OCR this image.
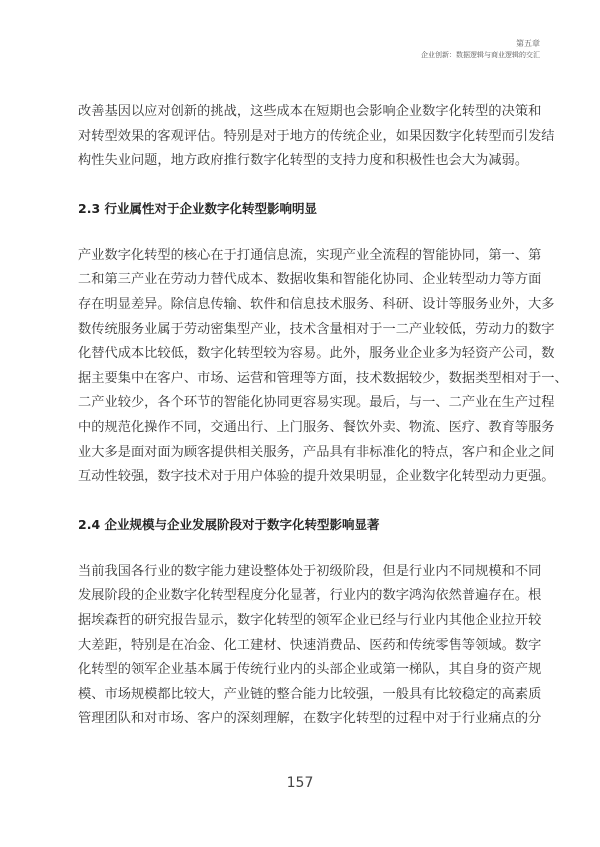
第五章
企业创新：数据逻辑与商业逻辑的交汇
改善基因以应对创新的挑战，这些成本在短期也会影响企业数字化转型的决策和
对转型效果的客观评估。特别是对于地方的传统企业，如果因数字化转型而引发结
构性失业问题，地方政府推行数字化转型的支持力度和积极性也会大为减弱。
2.3 行业属性对于企业数字化转型影响明显
产业数字化转型的核心在于打通信息流，实现产业全流程的智能协同，第一、第
二和第三产业在劳动力替代成本、数据收集和智能化协同、企业转型动力等方面
存在明显差异。除信息传输、软件和信息技术服务、科研、设计等服务业外，大多
数传统服务业属于劳动密集型产业，技术含量相对于一二产业较低，劳动力的数字
化替代成本比较低，数字化转型较为容易。此外，服务业企业多为轻资产公司，数
据主要集中在客户、市场、运营和管理等方面，技术数据较少，数据类型相对于一、
二产业较少，各个环节的智能化协同更容易实现。最后，与一、二产业在生产过程
中的规范化操作不同，交通出行、上门服务、餐饮外卖、物流、医疗、教育等服务
业大多是面对面为顾客提供相关服务，产品具有非标准化的特点，客户和企业之间
互动性较强，数字技术对于用户体验的提升效果明显，企业数字化转型动力更强。
2.4 企业规模与企业发展阶段对于数字化转型影响显著
当前我国各行业的数字能力建设整体处于初级阶段，但是行业内不同规模和不同
发展阶段的企业数字化转型程度分化显著，行业内的数字鸿沟依然普遍存在。根
据埃森哲的研究报告显示，数字化转型的领军企业已经与行业内其他企业拉开较
大差距，特别是在冶金、化工建材、快速消费品、医药和传统零售等领域。数字
化转型的领军企业基本属于传统行业内的头部企业或第一梯队，其自身的资产规
模、市场规模都比较大，产业链的整合能力比较强，一般具有比较稳定的高素质
管理团队和对市场、客户的深刻理解，在数字化转型的过程中对于行业痛点的分
157
